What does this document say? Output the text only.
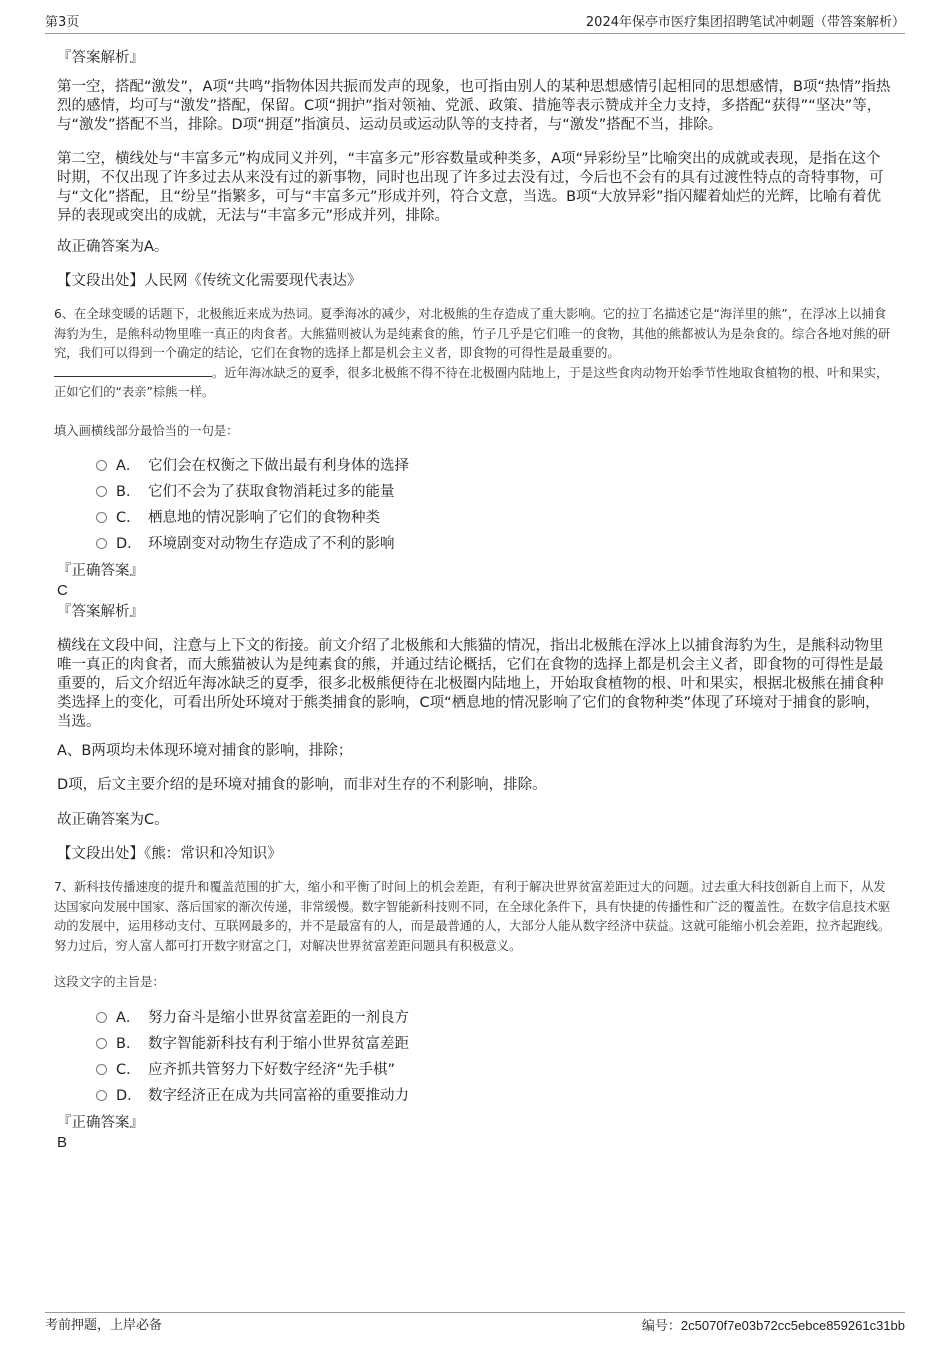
第3页	2024年保亭市医疗集团招聘笔试冲刺题（带答案解析）
『答案解析』

第一空，搭配“激发”，A项“共鸣”指物体因共振而发声的现象，也可指由别人的某种思想感情引起相同的思想感情，B项“热情”指热烈的感情，均可与“激发”搭配，保留。C项“拥护”指对领袖、党派、政策、措施等表示赞成并全力支持，多搭配“获得”“坚决”等，与“激发”搭配不当，排除。D项“拥趸”指演员、运动员或运动队等的支持者，与“激发”搭配不当，排除。

第二空，横线处与“丰富多元”构成同义并列，“丰富多元”形容数量或种类多，A项“异彩纷呈”比喻突出的成就或表现，是指在这个时期，不仅出现了许多过去从来没有过的新事物，同时也出现了许多过去没有过，今后也不会有的具有过渡性特点的奇特事物，可与“文化”搭配，且“纷呈”指繁多，可与“丰富多元”形成并列，符合文意，当选。B项“大放异彩”指闪耀着灿烂的光辉，比喻有着优异的表现或突出的成就，无法与“丰富多元”形成并列，排除。

故正确答案为A。

【文段出处】人民网《传统文化需要现代表达》

6、在全球变暖的话题下，北极熊近来成为热词。夏季海冰的减少，对北极熊的生存造成了重大影响。它的拉丁名描述它是“海洋里的熊”，在浮冰上以捕食海豹为生，是熊科动物里唯一真正的肉食者。大熊猫则被认为是纯素食的熊，竹子几乎是它们唯一的食物，其他的熊都被认为是杂食的。综合各地对熊的研究，我们可以得到一个确定的结论，它们在食物的选择上都是机会主义者，即食物的可得性是最重要的。
。近年海冰缺乏的夏季，很多北极熊不得不待在北极圈内陆地上，于是这些食肉动物开始季节性地取食植物的根、叶和果实，正如它们的“表亲”棕熊一样。

填入画横线部分最恰当的一句是：

A． 它们会在权衡之下做出最有利身体的选择
B． 它们不会为了获取食物消耗过多的能量
C． 栖息地的情况影响了它们的食物种类
D． 环境剧变对动物生存造成了不利的影响
『正确答案』
C
『答案解析』

横线在文段中间，注意与上下文的衔接。前文介绍了北极熊和大熊猫的情况，指出北极熊在浮冰上以捕食海豹为生，是熊科动物里唯一真正的肉食者，而大熊猫被认为是纯素食的熊，并通过结论概括，它们在食物的选择上都是机会主义者，即食物的可得性是最重要的，后文介绍近年海冰缺乏的夏季，很多北极熊便待在北极圈内陆地上，开始取食植物的根、叶和果实，根据北极熊在捕食种类选择上的变化，可看出所处环境对于熊类捕食的影响，C项“栖息地的情况影响了它们的食物种类”体现了环境对于捕食的影响，当选。

A、B两项均未体现环境对捕食的影响，排除；

D项，后文主要介绍的是环境对捕食的影响，而非对生存的不利影响，排除。

故正确答案为C。

【文段出处】《熊：常识和冷知识》

7、新科技传播速度的提升和覆盖范围的扩大，缩小和平衡了时间上的机会差距，有利于解决世界贫富差距过大的问题。过去重大科技创新自上而下，从发达国家向发展中国家、落后国家的渐次传递，非常缓慢。数字智能新科技则不同，在全球化条件下，具有快捷的传播性和广泛的覆盖性。在数字信息技术驱动的发展中，运用移动支付、互联网最多的，并不是最富有的人，而是最普通的人，大部分人能从数字经济中获益。这就可能缩小机会差距，拉齐起跑线。努力过后，穷人富人都可打开数字财富之门，对解决世界贫富差距问题具有积极意义。

这段文字的主旨是：

A． 努力奋斗是缩小世界贫富差距的一剂良方
B． 数字智能新科技有利于缩小世界贫富差距
C． 应齐抓共管努力下好数字经济“先手棋”
D． 数字经济正在成为共同富裕的重要推动力
『正确答案』
B
考前押题，上岸必备	编号：2c5070f7e03b72cc5ebce859261c31bb
